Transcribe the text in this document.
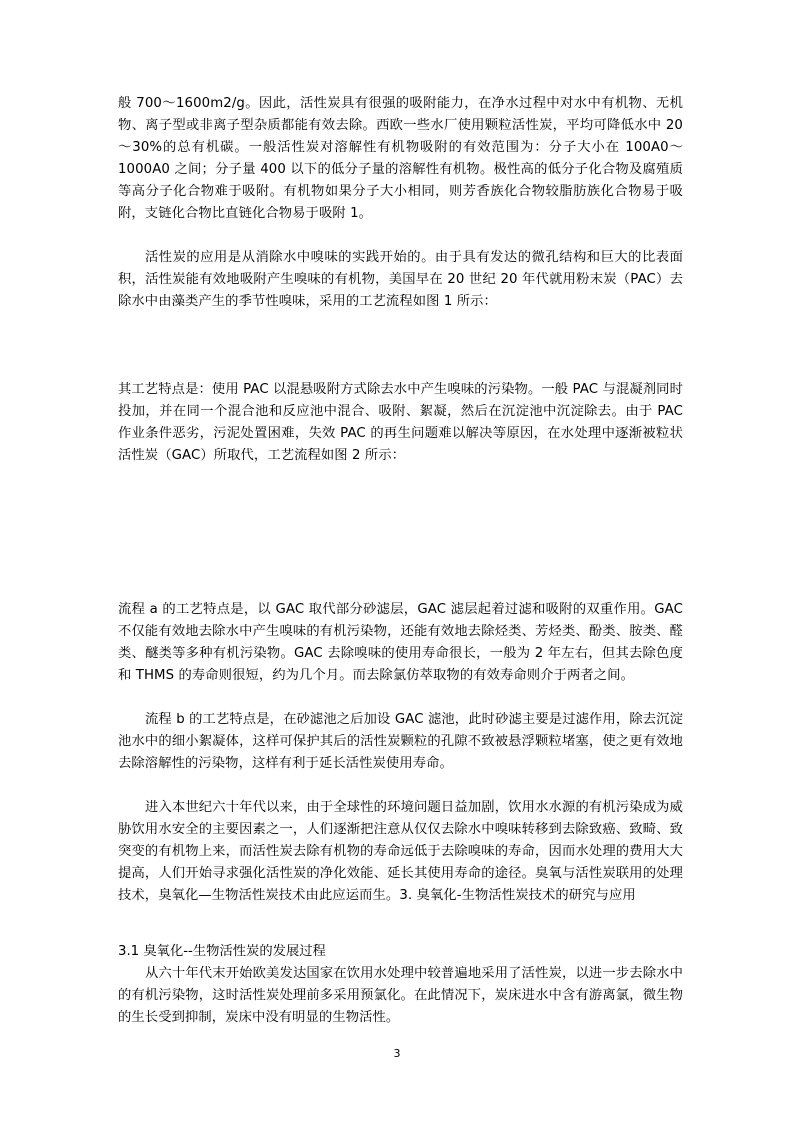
般 700～1600m2/g。因此，活性炭具有很强的吸附能力，在净水过程中对水中有机物、无机物、离子型或非离子型杂质都能有效去除。西欧一些水厂使用颗粒活性炭，平均可降低水中 20～30%的总有机碳。一般活性炭对溶解性有机物吸附的有效范围为：分子大小在 100A0～1000A0 之间；分子量 400 以下的低分子量的溶解性有机物。极性高的低分子化合物及腐殖质等高分子化合物难于吸附。有机物如果分子大小相同，则芳香族化合物较脂肪族化合物易于吸附，支链化合物比直链化合物易于吸附 1。

活性炭的应用是从消除水中嗅味的实践开始的。由于具有发达的微孔结构和巨大的比表面积，活性炭能有效地吸附产生嗅味的有机物，美国早在 20 世纪 20 年代就用粉末炭（PAC）去除水中由藻类产生的季节性嗅味，采用的工艺流程如图 1 所示：

其工艺特点是：使用 PAC 以混悬吸附方式除去水中产生嗅味的污染物。一般 PAC 与混凝剂同时投加，并在同一个混合池和反应池中混合、吸附、絮凝，然后在沉淀池中沉淀除去。由于 PAC 作业条件恶劣，污泥处置困难，失效 PAC 的再生问题难以解决等原因，在水处理中逐渐被粒状活性炭（GAC）所取代，工艺流程如图 2 所示：

流程 a 的工艺特点是，以 GAC 取代部分砂滤层，GAC 滤层起着过滤和吸附的双重作用。GAC 不仅能有效地去除水中产生嗅味的有机污染物，还能有效地去除烃类、芳烃类、酚类、胺类、醛类、醚类等多种有机污染物。GAC 去除嗅味的使用寿命很长，一般为 2 年左右，但其去除色度和 THMS 的寿命则很短，约为几个月。而去除氯仿萃取物的有效寿命则介于两者之间。

流程 b 的工艺特点是，在砂滤池之后加设 GAC 滤池，此时砂滤主要是过滤作用，除去沉淀池水中的细小絮凝体，这样可保护其后的活性炭颗粒的孔隙不致被悬浮颗粒堵塞，使之更有效地去除溶解性的污染物，这样有利于延长活性炭使用寿命。

进入本世纪六十年代以来，由于全球性的环境问题日益加剧，饮用水水源的有机污染成为威胁饮用水安全的主要因素之一，人们逐渐把注意从仅仅去除水中嗅味转移到去除致癌、致畸、致突变的有机物上来，而活性炭去除有机物的寿命远低于去除嗅味的寿命，因而水处理的费用大大提高，人们开始寻求强化活性炭的净化效能、延长其使用寿命的途径。臭氧与活性炭联用的处理技术，臭氧化—生物活性炭技术由此应运而生。3. 臭氧化-生物活性炭技术的研究与应用

3.1 臭氧化--生物活性炭的发展过程

从六十年代末开始欧美发达国家在饮用水处理中较普遍地采用了活性炭，以进一步去除水中的有机污染物，这时活性炭处理前多采用预氯化。在此情况下，炭床进水中含有游离氯，微生物的生长受到抑制，炭床中没有明显的生物活性。

3
